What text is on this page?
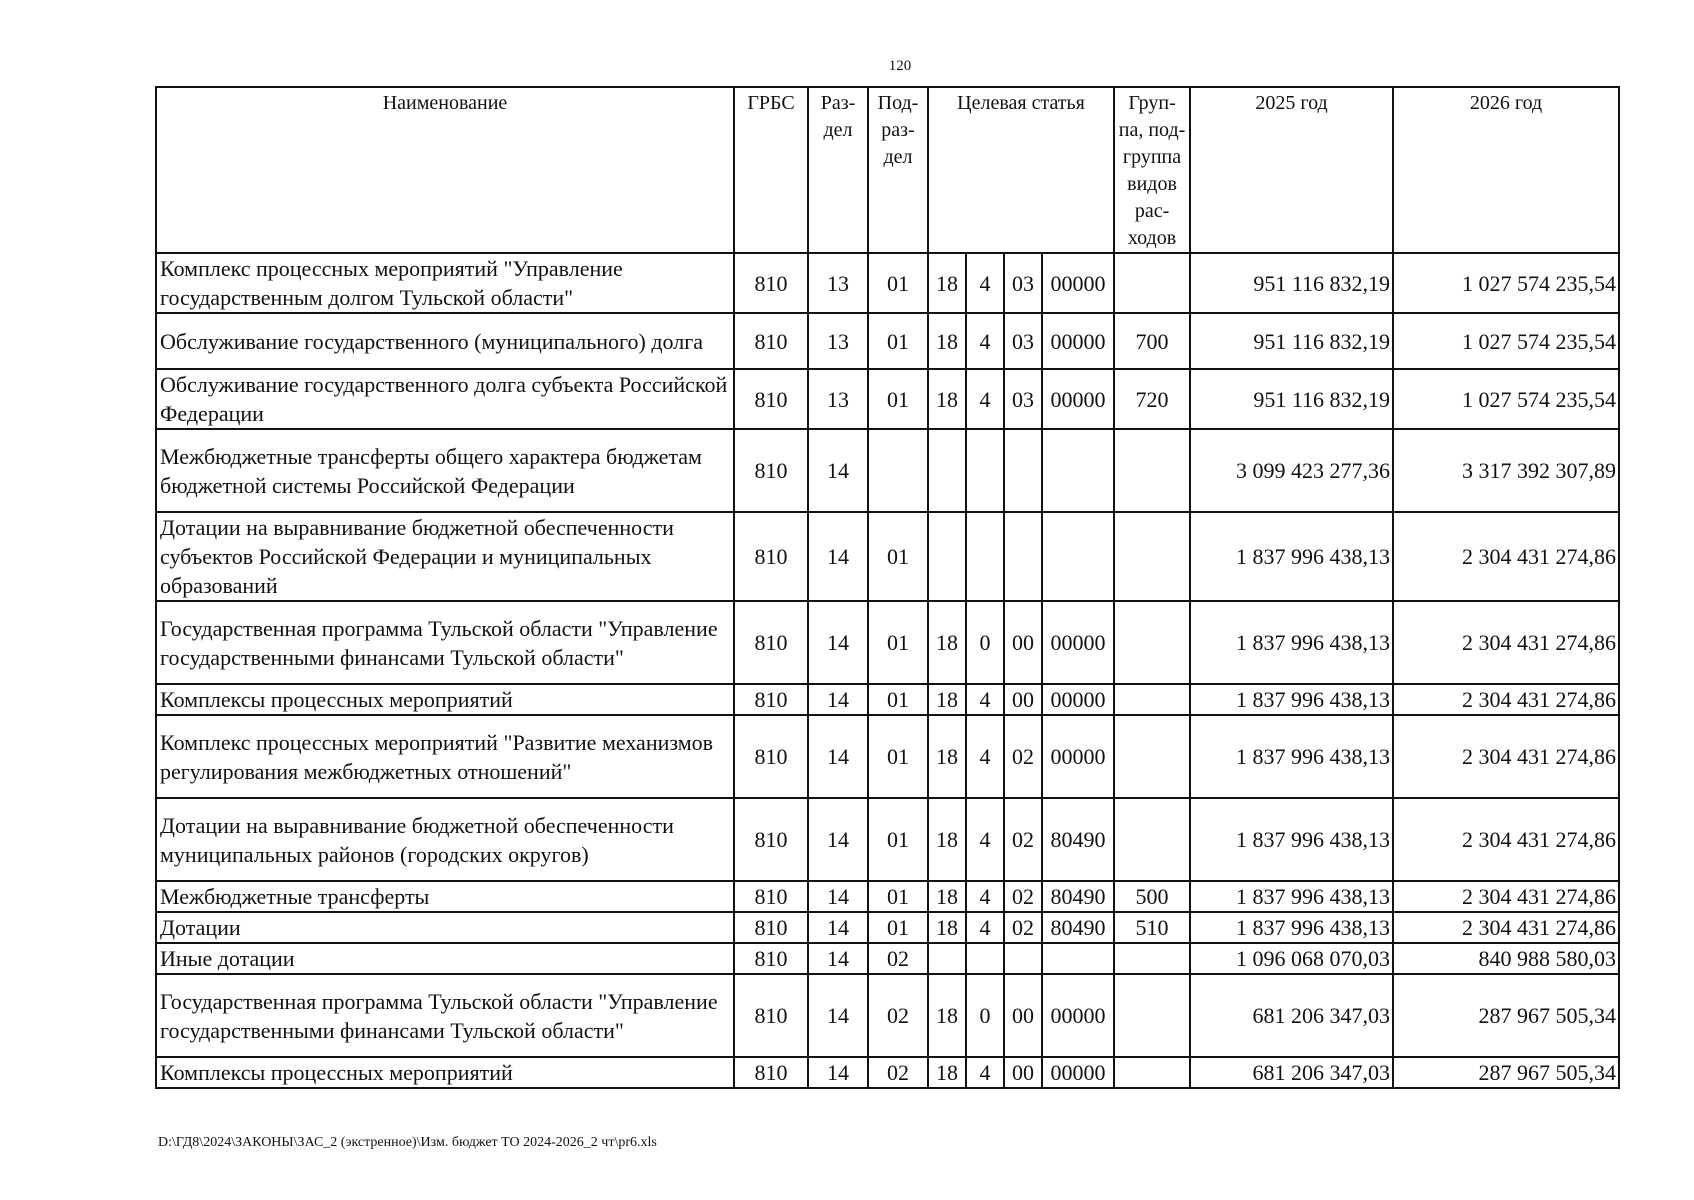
120
Наименование	ГРБС	Раз- дел	Под- раз- дел	Целевая статья				Груп- па, под- группа видов рас- ходов	2025 год	2026 год
Комплекс процессных мероприятий "Управление государственным долгом Тульской области"	810	13	01	18	4	03	00000		951 116 832,19	1 027 574 235,54
Обслуживание государственного (муниципального) долга	810	13	01	18	4	03	00000	700	951 116 832,19	1 027 574 235,54
Обслуживание государственного долга субъекта Российской Федерации	810	13	01	18	4	03	00000	720	951 116 832,19	1 027 574 235,54
Межбюджетные трансферты общего характера бюджетам бюджетной системы Российской Федерации	810	14							3 099 423 277,36	3 317 392 307,89
Дотации на выравнивание бюджетной обеспеченности субъектов Российской Федерации и муниципальных образований	810	14	01						1 837 996 438,13	2 304 431 274,86
Государственная программа Тульской области "Управление государственными финансами Тульской области"	810	14	01	18	0	00	00000		1 837 996 438,13	2 304 431 274,86
Комплексы процессных мероприятий	810	14	01	18	4	00	00000		1 837 996 438,13	2 304 431 274,86
Комплекс процессных мероприятий "Развитие механизмов регулирования межбюджетных отношений"	810	14	01	18	4	02	00000		1 837 996 438,13	2 304 431 274,86
Дотации на выравнивание бюджетной обеспеченности муниципальных районов (городских округов)	810	14	01	18	4	02	80490		1 837 996 438,13	2 304 431 274,86
Межбюджетные трансферты	810	14	01	18	4	02	80490	500	1 837 996 438,13	2 304 431 274,86
Дотации	810	14	01	18	4	02	80490	510	1 837 996 438,13	2 304 431 274,86
Иные дотации	810	14	02						1 096 068 070,03	840 988 580,03
Государственная программа Тульской области "Управление государственными финансами Тульской области"	810	14	02	18	0	00	00000		681 206 347,03	287 967 505,34
Комплексы процессных мероприятий	810	14	02	18	4	00	00000		681 206 347,03	287 967 505,34
D:\ГД8\2024\ЗАКОНЫ\ЗАС_2 (экстренное)\Изм. бюджет ТО 2024-2026_2 чт\pr6.xls
